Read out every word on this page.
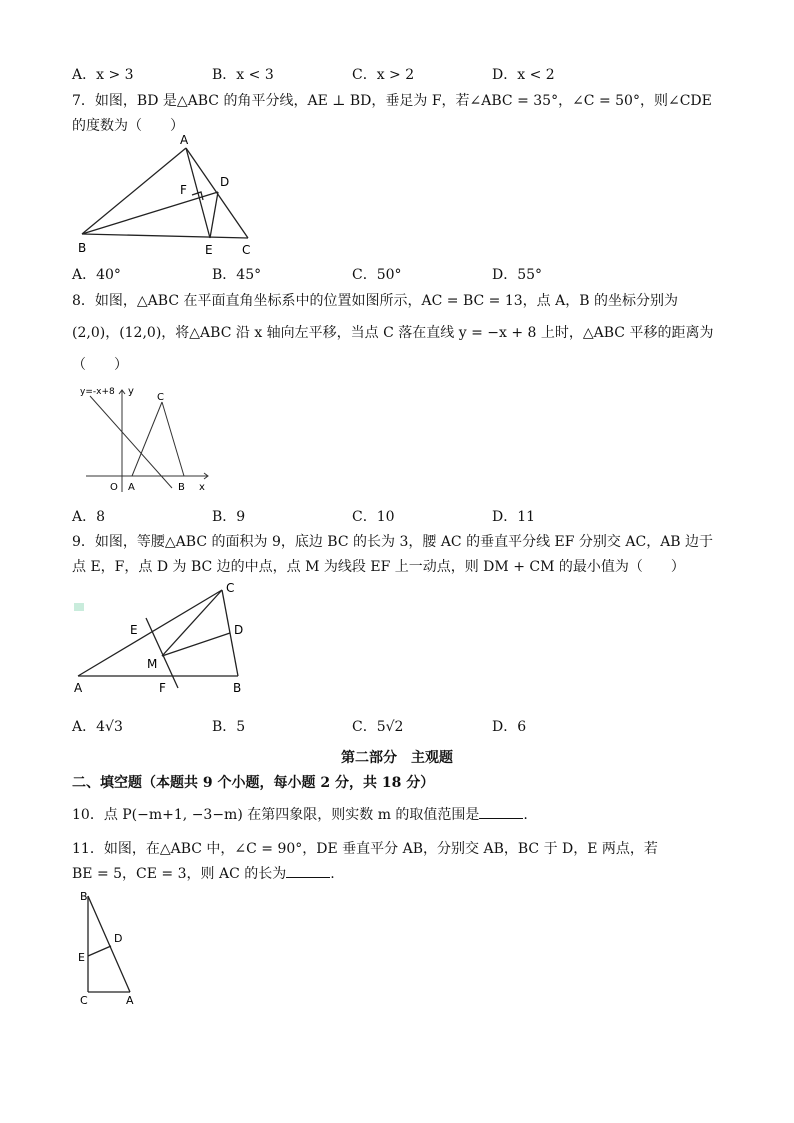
A．x > 3	B．x < 3	C．x > 2	D．x < 2
7．如图，BD 是△ABC 的角平分线，AE ⊥ BD，垂足为 F，若∠ABC = 35°，∠C = 50°，则∠CDE
的度数为（　　）
A
D
F
B	E C
A．40°	B．45°	C．50°	D．55°
8．如图，△ABC 在平面直角坐标系中的位置如图所示，AC = BC = 13，点 A，B 的坐标分别为
(2,0)，(12,0)，将△ABC 沿 x 轴向左平移，当点 C 落在直线 y = −x + 8 上时，△ABC 平移的距离为
（　　）
y=-x+8 y
C
O A	B x
A．8	B．9	C．10	D．11
9．如图，等腰△ABC 的面积为 9，底边 BC 的长为 3，腰 AC 的垂直平分线 EF 分别交 AC，AB 边于
点 E，F，点 D 为 BC 边的中点，点 M 为线段 EF 上一动点，则 DM + CM 的最小值为（　　）
C
D
E
M
A	F	B
A．4√3	B．5	C．5√2	D．6
第二部分　主观题
二、填空题（本题共 9 个小题，每小题 2 分，共 18 分）
10．点 P(−m+1, −3−m) 在第四象限，则实数 m 的取值范围是	.
11．如图，在△ABC 中，∠C = 90°，DE 垂直平分 AB，分别交 AB，BC 于 D，E 两点，若
BE = 5，CE = 3，则 AC 的长为	.
B
D
E
C	A
